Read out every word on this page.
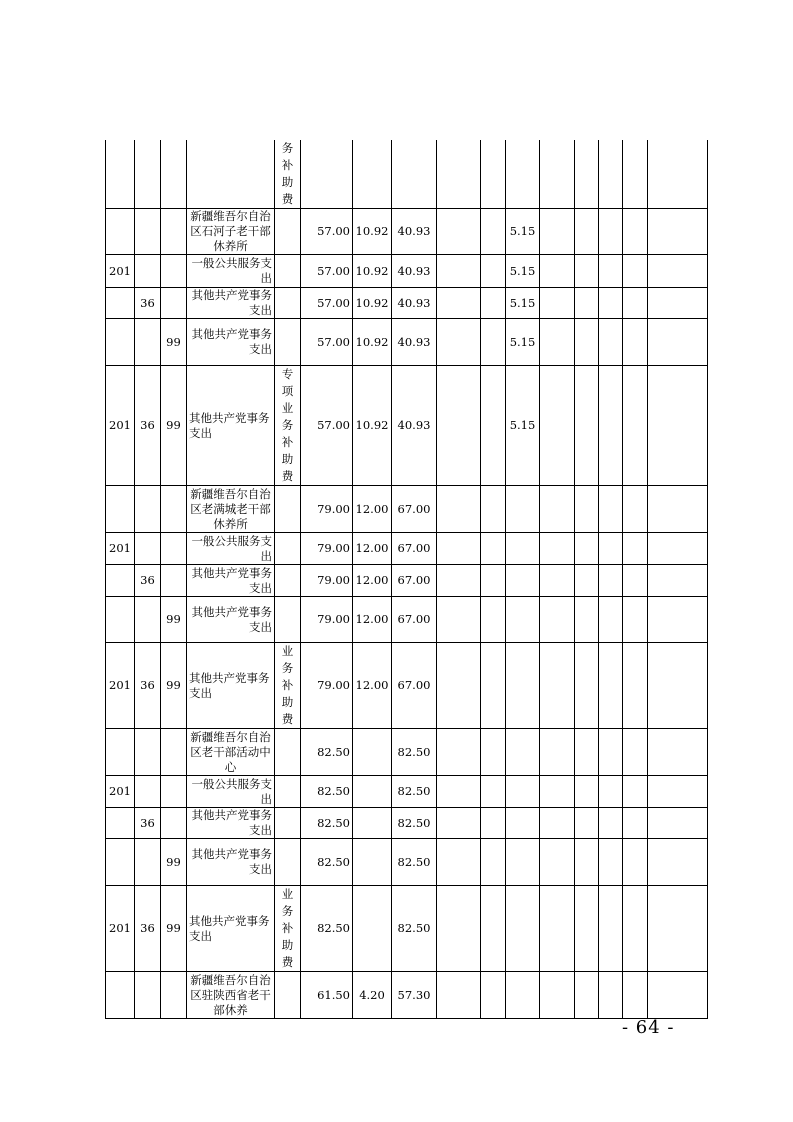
				务补助费											
			新疆维吾尔自治区石河子老干部休养所		57.00	10.92	40.93			5.15					
201			一般公共服务支出		57.00	10.92	40.93			5.15					
	36		其他共产党事务支出		57.00	10.92	40.93			5.15					
		99	其他共产党事务支出		57.00	10.92	40.93			5.15					
201	36	99	其他共产党事务支出	专项业务补助费	57.00	10.92	40.93			5.15					
			新疆维吾尔自治区老满城老干部休养所		79.00	12.00	67.00								
201			一般公共服务支出		79.00	12.00	67.00								
	36		其他共产党事务支出		79.00	12.00	67.00								
		99	其他共产党事务支出		79.00	12.00	67.00								
201	36	99	其他共产党事务支出	业务补助费	79.00	12.00	67.00								
			新疆维吾尔自治区老干部活动中心		82.50		82.50								
201			一般公共服务支出		82.50		82.50								
	36		其他共产党事务支出		82.50		82.50								
		99	其他共产党事务支出		82.50		82.50								
201	36	99	其他共产党事务支出	业务补助费	82.50		82.50								
			新疆维吾尔自治区驻陕西省老干部休养		61.50	4.20	57.30								
- 64 -
